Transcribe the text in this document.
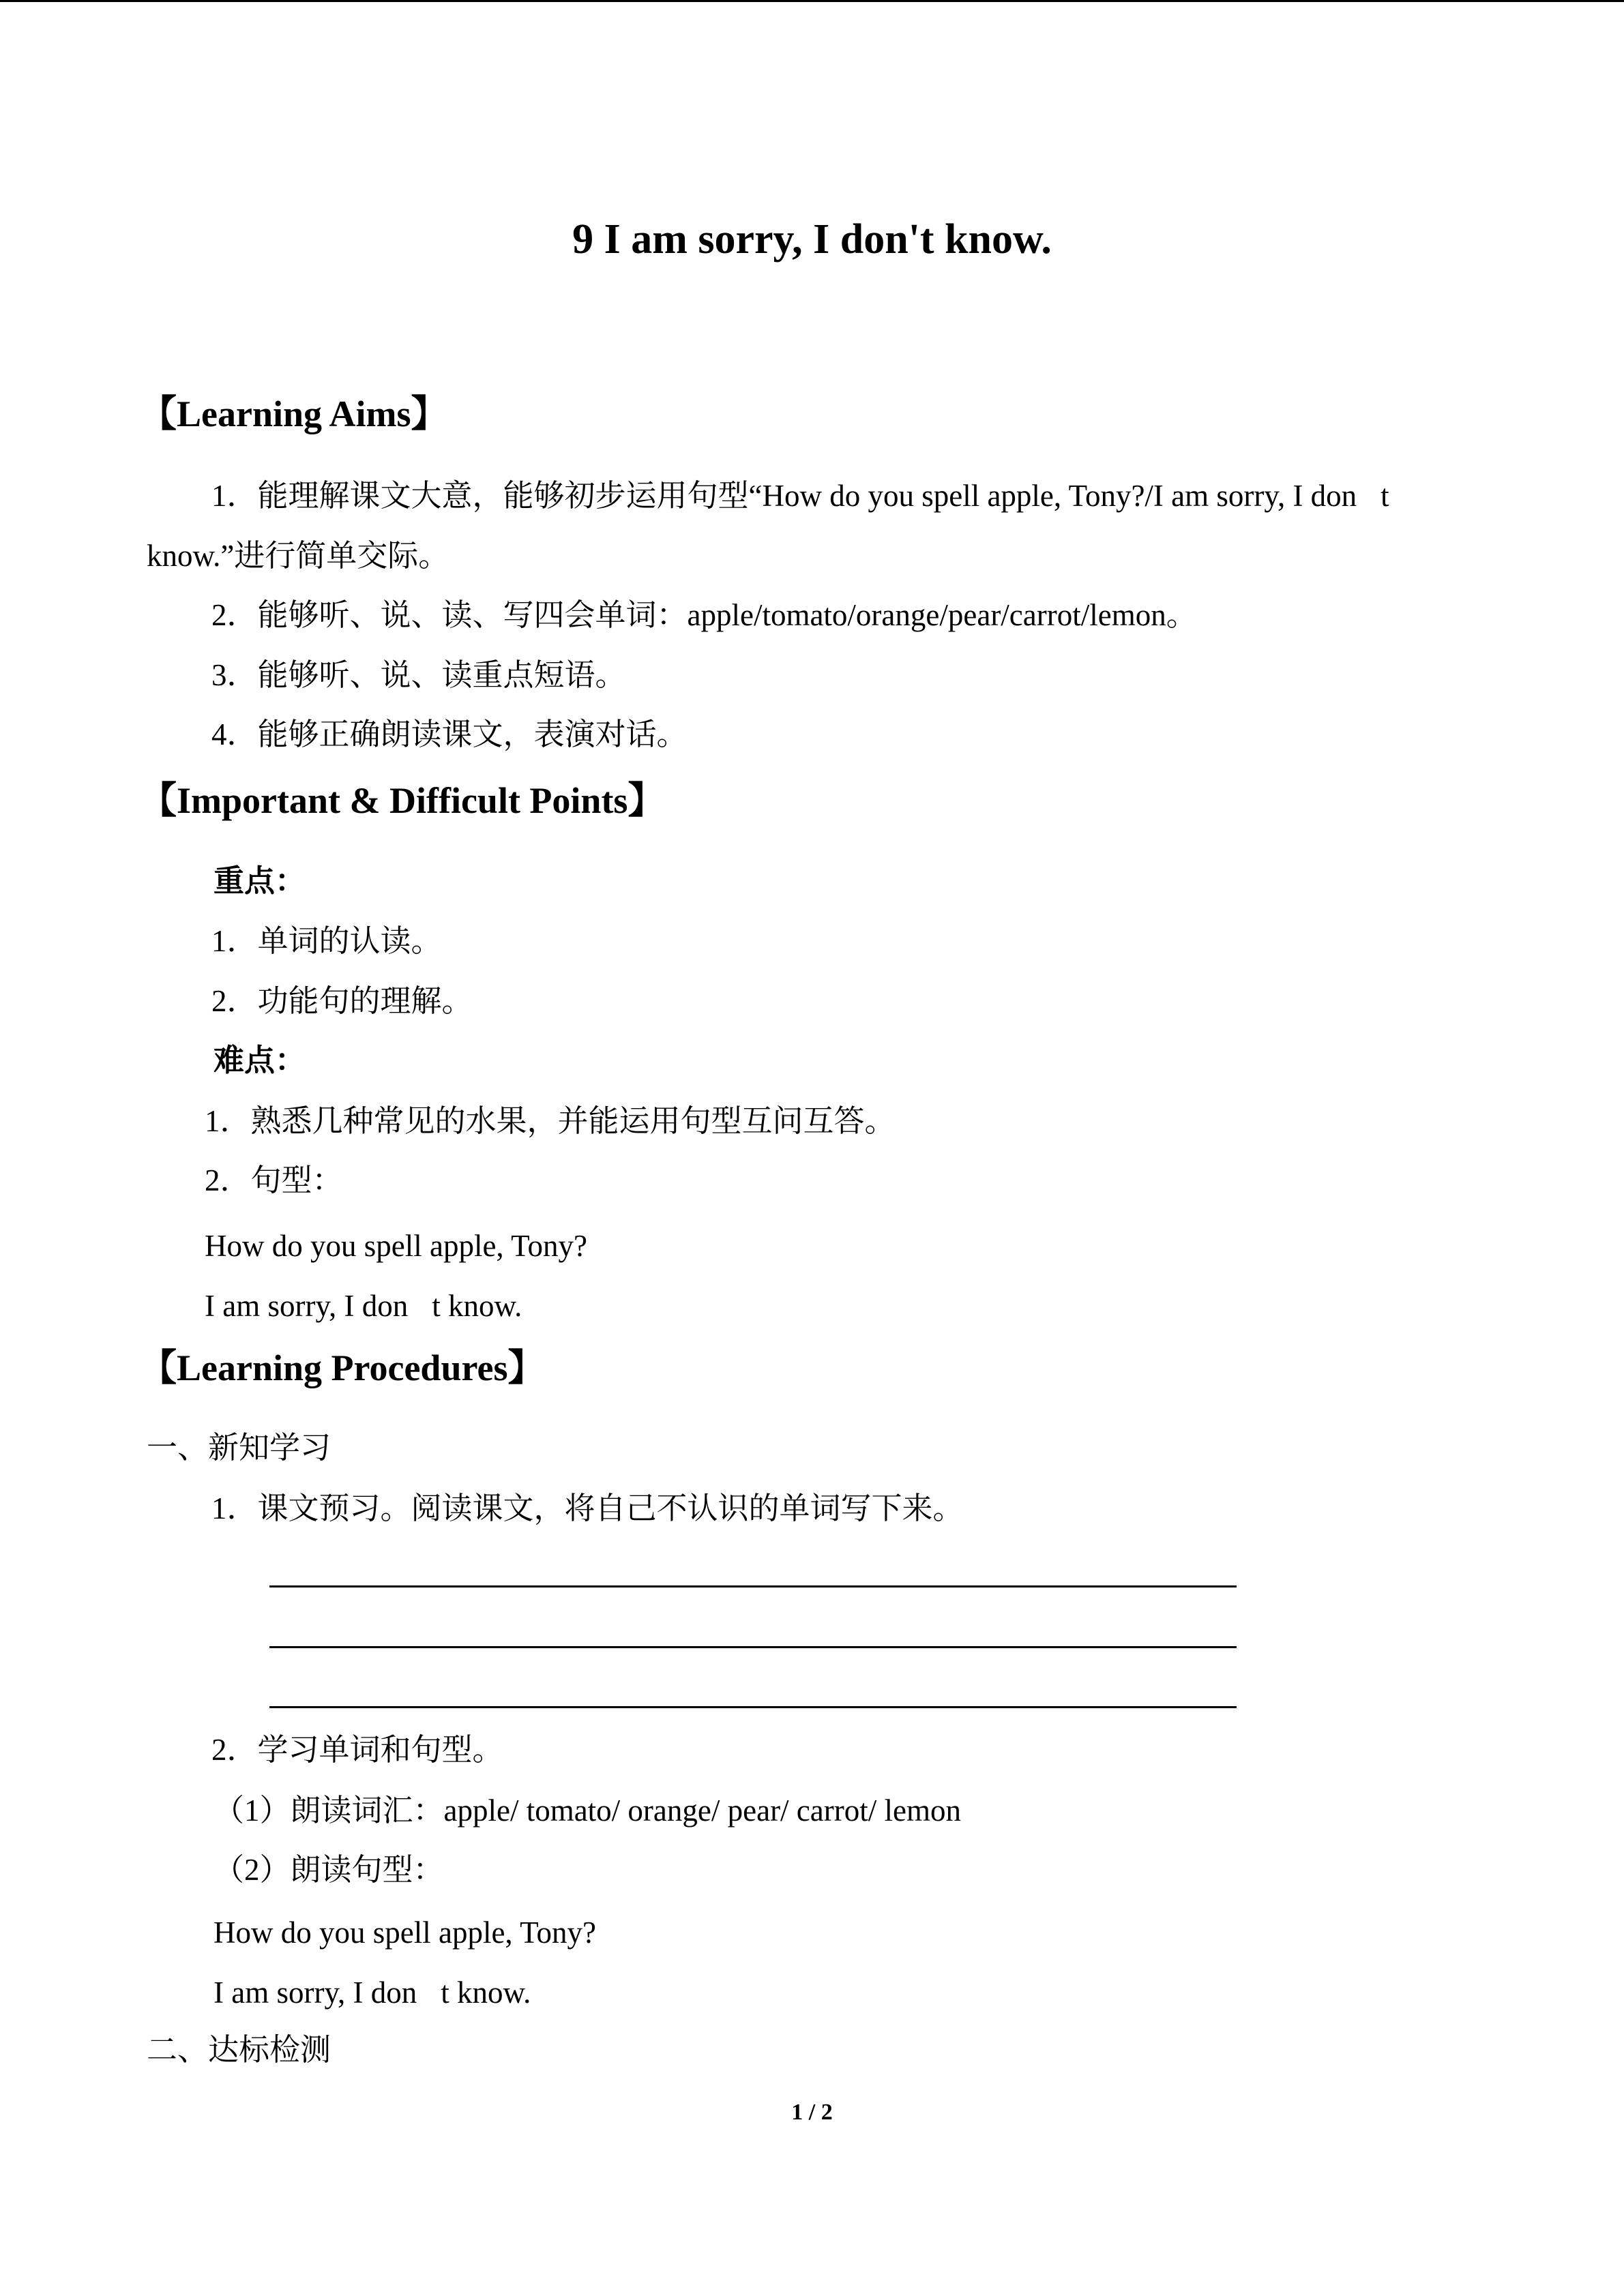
9 I am sorry, I don't know.
【Learning Aims】
1．能理解课文大意，能够初步运用句型“How do you spell apple, Tony?/I am sorry, I don t
know.”进行简单交际。
2．能够听、说、读、写四会单词：apple/tomato/orange/pear/carrot/lemon。
3．能够听、说、读重点短语。
4．能够正确朗读课文，表演对话。
【Important & Difficult Points】
重点：
1．单词的认读。
2．功能句的理解。
难点：
1．熟悉几种常见的水果，并能运用句型互问互答。
2．句型：
How do you spell apple, Tony?
I am sorry, I don t know.
【Learning Procedures】
一、新知学习
1．课文预习。阅读课文，将自己不认识的单词写下来。
2．学习单词和句型。
（1）朗读词汇：apple/ tomato/ orange/ pear/ carrot/ lemon
（2）朗读句型：
How do you spell apple, Tony?
I am sorry, I don t know.
二、达标检测
1 / 2
